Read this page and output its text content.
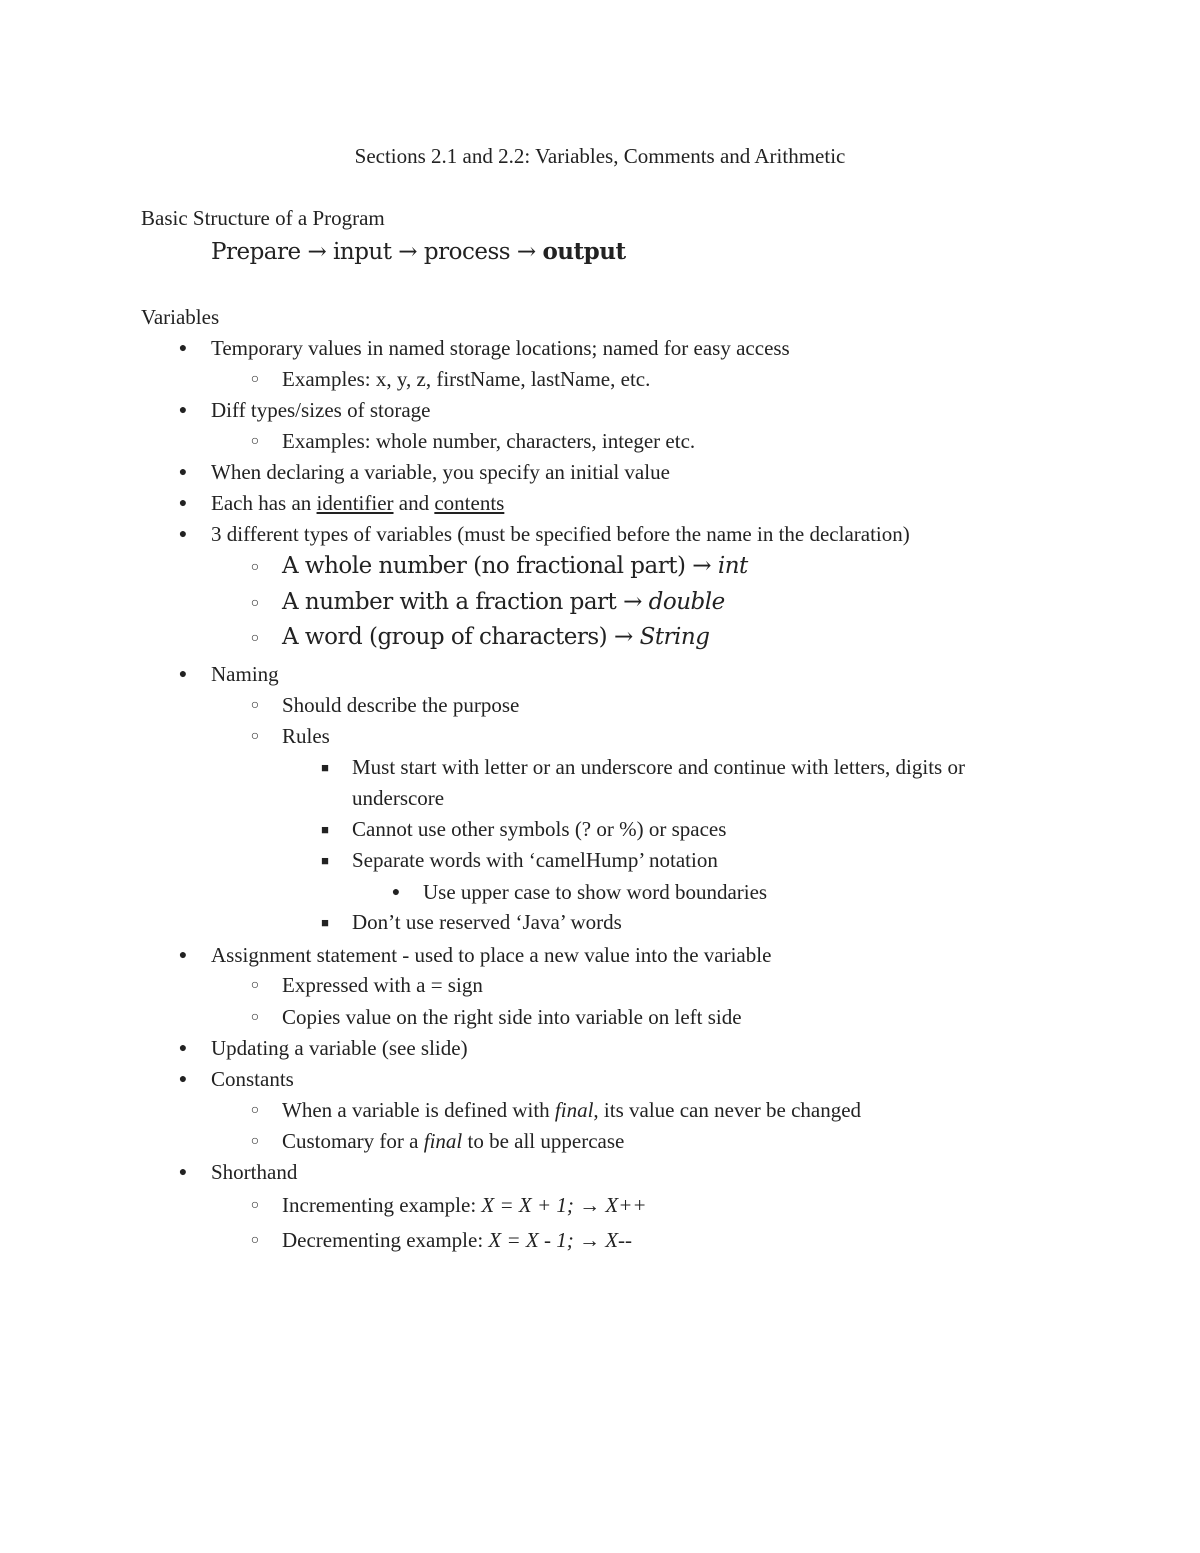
Sections 2.1 and 2.2: Variables, Comments and Arithmetic
Basic Structure of a Program
Prepare → input → process → output
Variables
●
Temporary values in named storage locations; named for easy access
○
Examples: x, y, z, firstName, lastName, etc.
●
Diff types/sizes of storage
○
Examples: whole number, characters, integer etc.
●
When declaring a variable, you specify an initial value
●
Each has an identifier and contents
●
3 different types of variables (must be specified before the name in the declaration)
○
A whole number (no fractional part) → int
○
A number with a fraction part → double
○
A word (group of characters) → String
●
Naming
○
Should describe the purpose
○
Rules
■
Must start with letter or an underscore and continue with letters, digits or
underscore
■
Cannot use other symbols (? or %) or spaces
■
Separate words with ‘camelHump’ notation
●
Use upper case to show word boundaries
■
Don’t use reserved ‘Java’ words
●
Assignment statement - used to place a new value into the variable
○
Expressed with a = sign
○
Copies value on the right side into variable on left side
●
Updating a variable (see slide)
●
Constants
○
When a variable is defined with final, its value can never be changed
○
Customary for a final to be all uppercase
●
Shorthand
○
Incrementing example: X = X + 1; → X++
○
Decrementing example: X = X - 1; → X--
